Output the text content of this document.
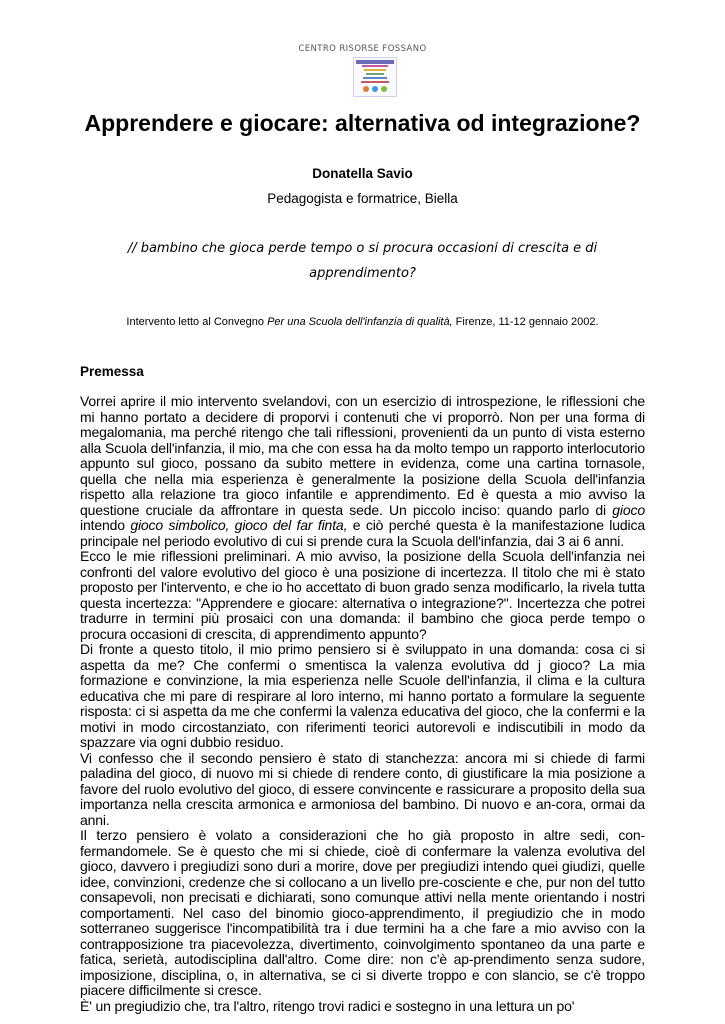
CENTRO RISORSE FOSSANO
Apprendere e giocare: alternativa od integrazione?
Donatella Savio
Pedagogista e formatrice, Biella
// bambino che gioca perde tempo o si procura occasioni di crescita e di apprendimento?
Intervento letto al Convegno Per una Scuola dell'infanzia di qualità, Firenze, 11-12 gennaio 2002.
Premessa

Vorrei aprire il mio intervento svelandovi, con un esercizio di introspezione, le riflessioni che mi hanno portato a decidere di proporvi i contenuti che vi proporrò. Non per una forma di megalomania, ma perché ritengo che tali riflessioni, provenienti da un punto di vista esterno alla Scuola dell'infanzia, il mio, ma che con essa ha da molto tempo un rapporto interlocutorio appunto sul gioco, possano da subito mettere in evidenza, come una cartina tornasole, quella che nella mia esperienza è generalmente la posizione della Scuola dell'infanzia rispetto alla relazione tra gioco infantile e apprendimento. Ed è questa a mio avviso la questione cruciale da affrontare in questa sede. Un piccolo inciso: quando parlo di gioco intendo gioco simbolico, gioco del far finta, e ciò perché questa è la manifestazione ludica principale nel periodo evolutivo di cui si prende cura la Scuola dell'infanzia, dai 3 ai 6 anni.

Ecco le mie riflessioni preliminari. A mio avviso, la posizione della Scuola dell'infanzia nei confronti del valore evolutivo del gioco è una posizione di incertezza. Il titolo che mi è stato proposto per l'intervento, e che io ho accettato di buon grado senza modificarlo, la rivela tutta questa incertezza: "Apprendere e giocare: alternativa o integrazione?". Incertezza che potrei tradurre in termini più prosaici con una domanda: il bambino che gioca perde tempo o procura occasioni di crescita, di apprendimento appunto?

Di fronte a questo titolo, il mio primo pensiero si è sviluppato in una domanda: cosa ci si aspetta da me? Che confermi o smentisca la valenza evolutiva dd j gioco? La mia formazione e convinzione, la mia esperienza nelle Scuole dell'infanzia, il clima e la cultura educativa che mi pare di respirare al loro interno, mi hanno portato a formulare la seguente risposta: ci si aspetta da me che confermi la valenza educativa del gioco, che la confermi e la motivi in modo circostanziato, con riferimenti teorici autorevoli e indiscutibili in modo da spazzare via ogni dubbio residuo.

Vi confesso che il secondo pensiero è stato di stanchezza: ancora mi si chiede di farmi paladina del gioco, di nuovo mi si chiede di rendere conto, di giustificare la mia posizione a favore del ruolo evolutivo del gioco, di essere convincente e rassicurare a proposito della sua importanza nella crescita armonica e armoniosa del bambino. Di nuovo e an-cora, ormai da anni.

Il terzo pensiero è volato a considerazioni che ho già proposto in altre sedi, con-fermandomele. Se è questo che mi si chiede, cioè di confermare la valenza evolutiva del gioco, davvero i pregiudizi sono duri a morire, dove per pregiudizi intendo quei giudizi, quelle idee, convinzioni, credenze che si collocano a un livello pre-cosciente e che, pur non del tutto consapevoli, non precisati e dichiarati, sono comunque attivi nella mente orientando i nostri comportamenti. Nel caso del binomio gioco-apprendimento, il pregiudizio che in modo sotterraneo suggerisce l'incompatibilità tra i due termini ha a che fare a mio avviso con la contrapposizione tra piacevolezza, divertimento, coinvolgimento spontaneo da una parte e fatica, serietà, autodisciplina dall'altro. Come dire: non c'è ap-prendimento senza sudore, imposizione, disciplina, o, in alternativa, se ci si diverte troppo e con slancio, se c'è troppo piacere difficilmente si cresce.

È' un pregiudizio che, tra l'altro, ritengo trovi radici e sostegno in una lettura un po'
